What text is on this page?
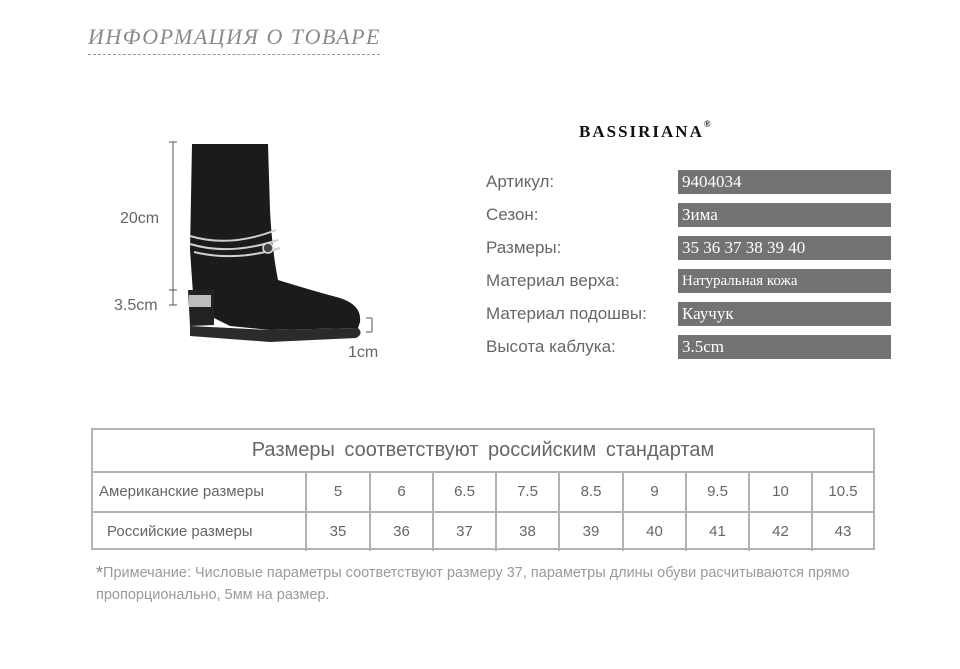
ИНФОРМАЦИЯ О ТОВАРЕ
BASSIRIANA®
20cm
3.5cm
1cm
Артикул:	9404034
Сезон:	Зима
Размеры:	35 36 37 38 39 40
Материал верха:	Натуральная кожа
Материал подошвы: Каучук
Высота каблука:	3.5cm
Размеры соответствуют российским стандартам
Американские размеры	5	6	6.5	7.5	8.5	9	9.5	10	10.5
Российские размеры	35	36	37	38	39	40	41	42	43
*Примечание: Числовые параметры соответствуют размеру 37, параметры длины обуви расчитываются прямо пропорционально, 5мм на размер.
